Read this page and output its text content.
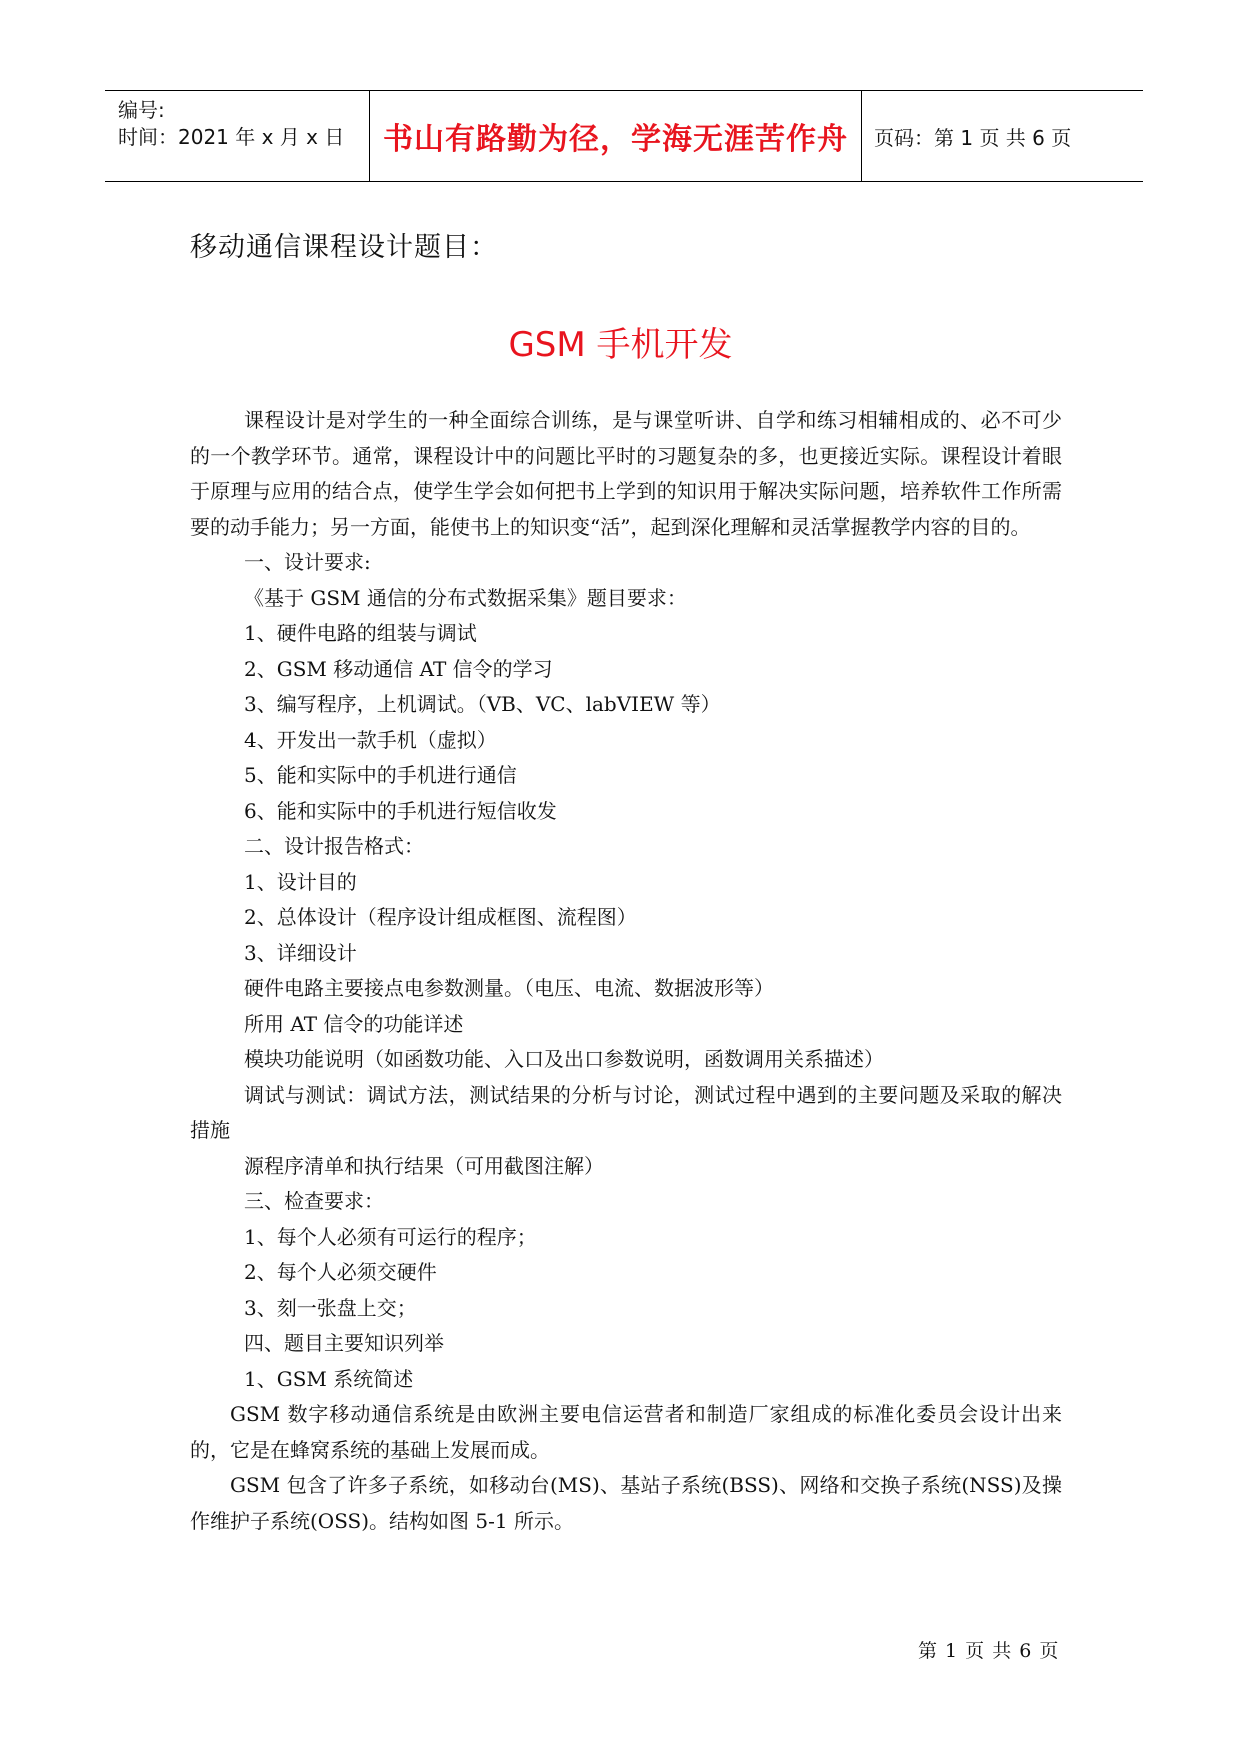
编号:
时间：2021 年 x 月 x 日	书山有路勤为径，学海无涯苦作舟	页码：第 1 页 共 6 页
移动通信课程设计题目：
GSM 手机开发

课程设计是对学生的一种全面综合训练，是与课堂听讲、自学和练习相辅相成的、必不可少的一个教学环节。通常，课程设计中的问题比平时的习题复杂的多，也更接近实际。课程设计着眼于原理与应用的结合点，使学生学会如何把书上学到的知识用于解决实际问题，培养软件工作所需要的动手能力；另一方面，能使书上的知识变“活”，起到深化理解和灵活掌握教学内容的目的。

一、设计要求:

《基于 GSM 通信的分布式数据采集》题目要求：

1、硬件电路的组装与调试

2、GSM 移动通信 AT 信令的学习

3、编写程序，上机调试。（VB、VC、labVIEW 等）

4、开发出一款手机（虚拟）

5、能和实际中的手机进行通信

6、能和实际中的手机进行短信收发

二、设计报告格式：

1、设计目的

2、总体设计（程序设计组成框图、流程图）

3、详细设计

硬件电路主要接点电参数测量。（电压、电流、数据波形等）

所用 AT 信令的功能详述

模块功能说明（如函数功能、入口及出口参数说明，函数调用关系描述）

调试与测试：调试方法，测试结果的分析与讨论，测试过程中遇到的主要问题及采取的解决措施

源程序清单和执行结果（可用截图注解）

三、检查要求：

1、每个人必须有可运行的程序；

2、每个人必须交硬件

3、刻一张盘上交；

四、题目主要知识列举

1、GSM 系统简述

GSM 数字移动通信系统是由欧洲主要电信运营者和制造厂家组成的标准化委员会设计出来的，它是在蜂窝系统的基础上发展而成。

GSM 包含了许多子系统，如移动台(MS)、基站子系统(BSS)、网络和交换子系统(NSS)及操作维护子系统(OSS)。结构如图 5-1 所示。

第 1 页 共 6 页
